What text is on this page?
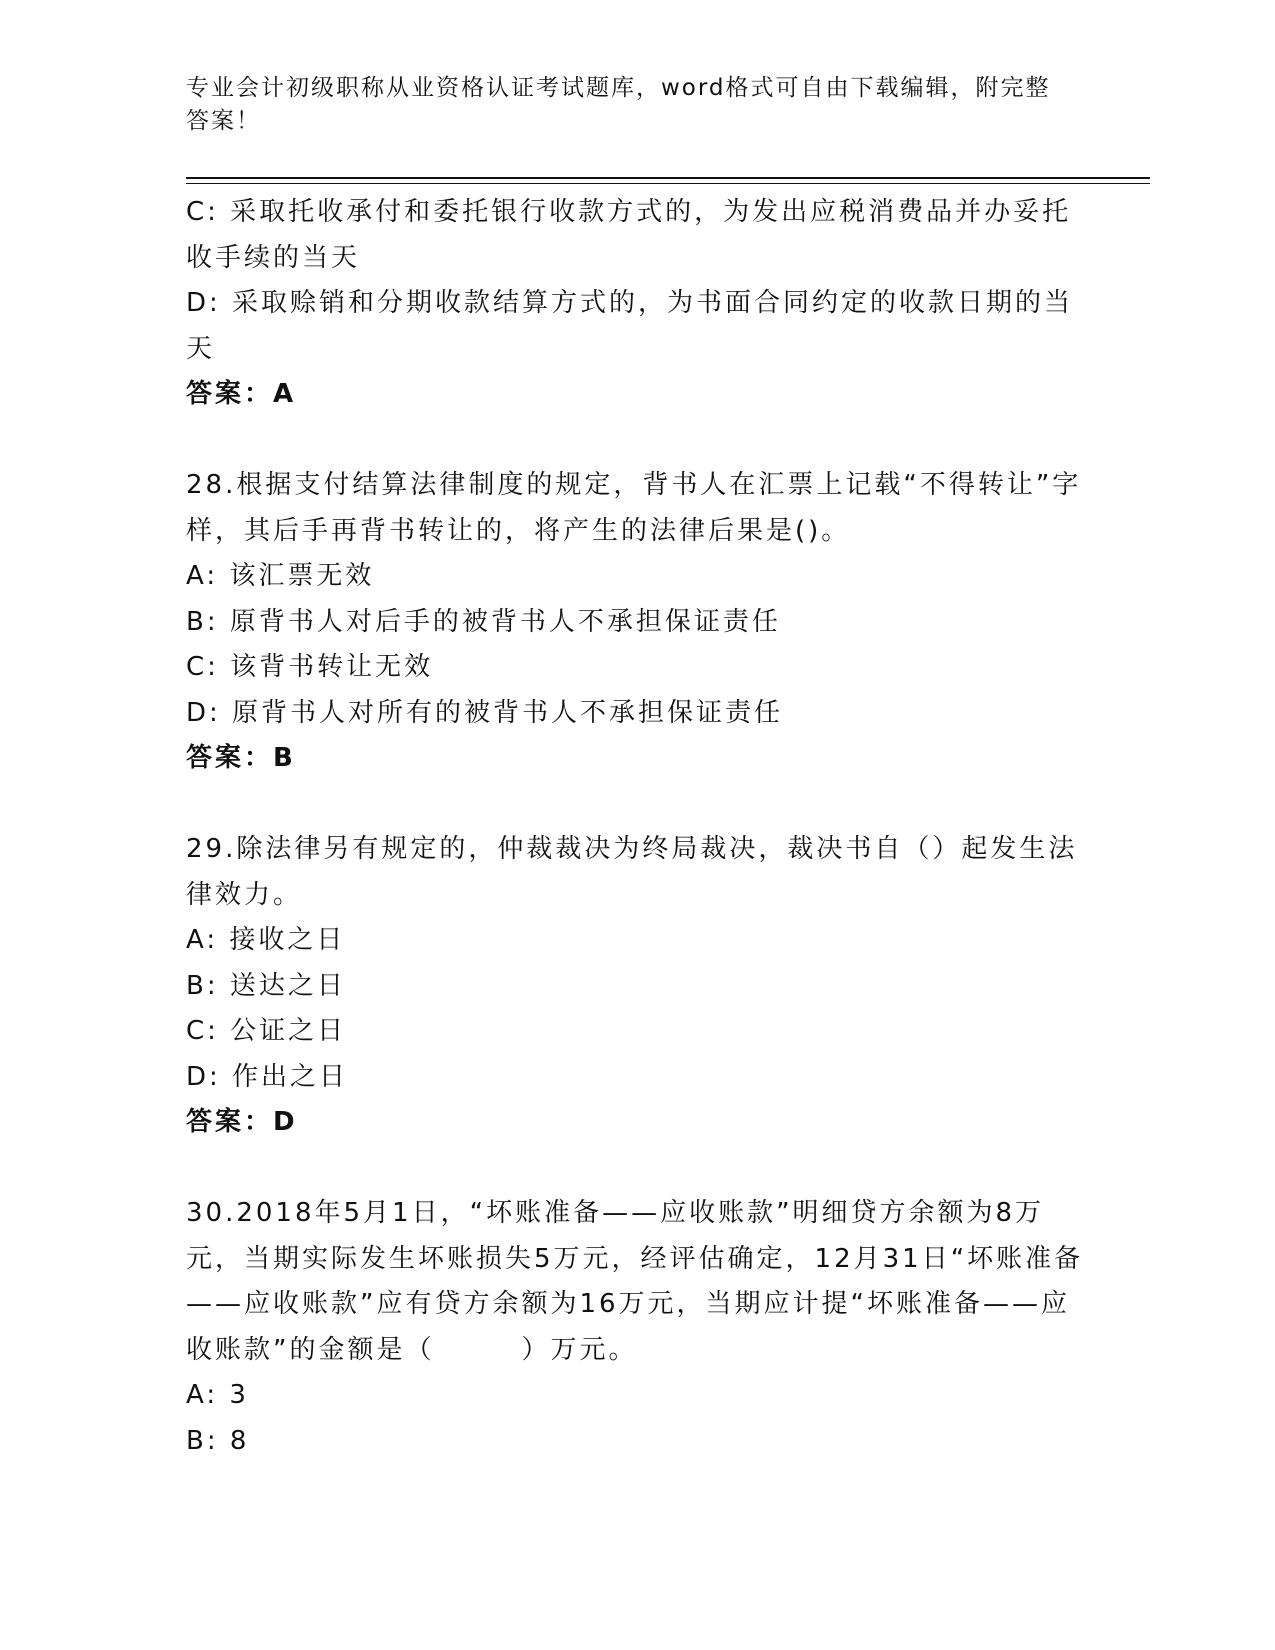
专业会计初级职称从业资格认证考试题库，word格式可自由下载编辑，附完整答案！

C: 采取托收承付和委托银行收款方式的，为发出应税消费品并办妥托收手续的当天

D: 采取赊销和分期收款结算方式的，为书面合同约定的收款日期的当天

答案：A

28.根据支付结算法律制度的规定，背书人在汇票上记载“不得转让”字样，其后手再背书转让的，将产生的法律后果是()。

A: 该汇票无效

B: 原背书人对后手的被背书人不承担保证责任

C: 该背书转让无效

D: 原背书人对所有的被背书人不承担保证责任

答案：B

29.除法律另有规定的，仲裁裁决为终局裁决，裁决书自（）起发生法律效力。

A: 接收之日

B: 送达之日

C: 公证之日

D: 作出之日

答案：D

30.2018年5月1日，“坏账准备——应收账款”明细贷方余额为8万元，当期实际发生坏账损失5万元，经评估确定，12月31日“坏账准备——应收账款”应有贷方余额为16万元，当期应计提“坏账准备——应收账款”的金额是（　　　）万元。

A: 3

B: 8
